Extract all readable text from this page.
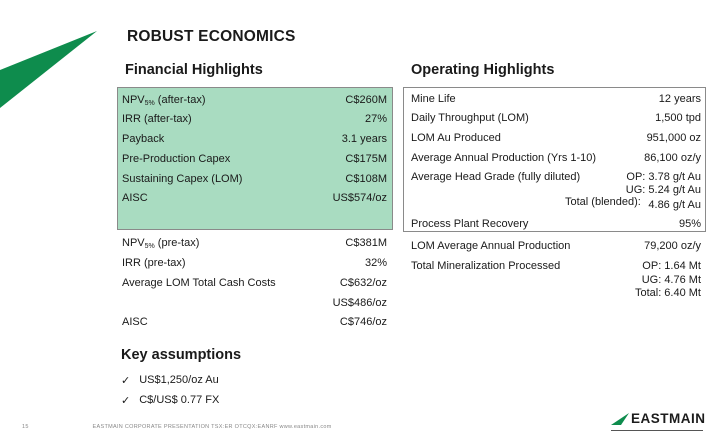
ROBUST ECONOMICS
Financial Highlights	Operating Highlights
$NPV_{5\%}$ (after-tax)	C$260M
IRR (after-tax)	27%
Payback	3.1 years
Pre-Production Capex	C$175M
Sustaining Capex (LOM)	C$108M
AISC	US$574/oz
$NPV_{5\%}$ (pre-tax)	C$381M
IRR (pre-tax)	32%
Average LOM Total Cash Costs	C$632/oz
US$486/oz
AISC	C$746/oz
Mine Life	12 years
Daily Throughput (LOM)	1,500 tpd
LOM Au Produced	951,000 oz
Average Annual Production (Yrs 1-10)	86,100 oz/y
Average Head Grade (fully diluted)	OP: 3.78 g/t Au
UG: 5.24 g/t Au
Total (blended): 4.86 g/t Au
Process Plant Recovery	95%
LOM Average Annual Production	79,200 oz/y
Total Mineralization Processed	OP: 1.64 Mt
UG: 4.76 Mt
Total: 6.40 Mt
Key assumptions
✓ US$1,250/oz Au
✓ C$/US$ 0.77 FX
15	EASTMAIN CORPORATE PRESENTATION TSX:ER OTCQX:EANRF www.eastmain.com
EASTMAIN
